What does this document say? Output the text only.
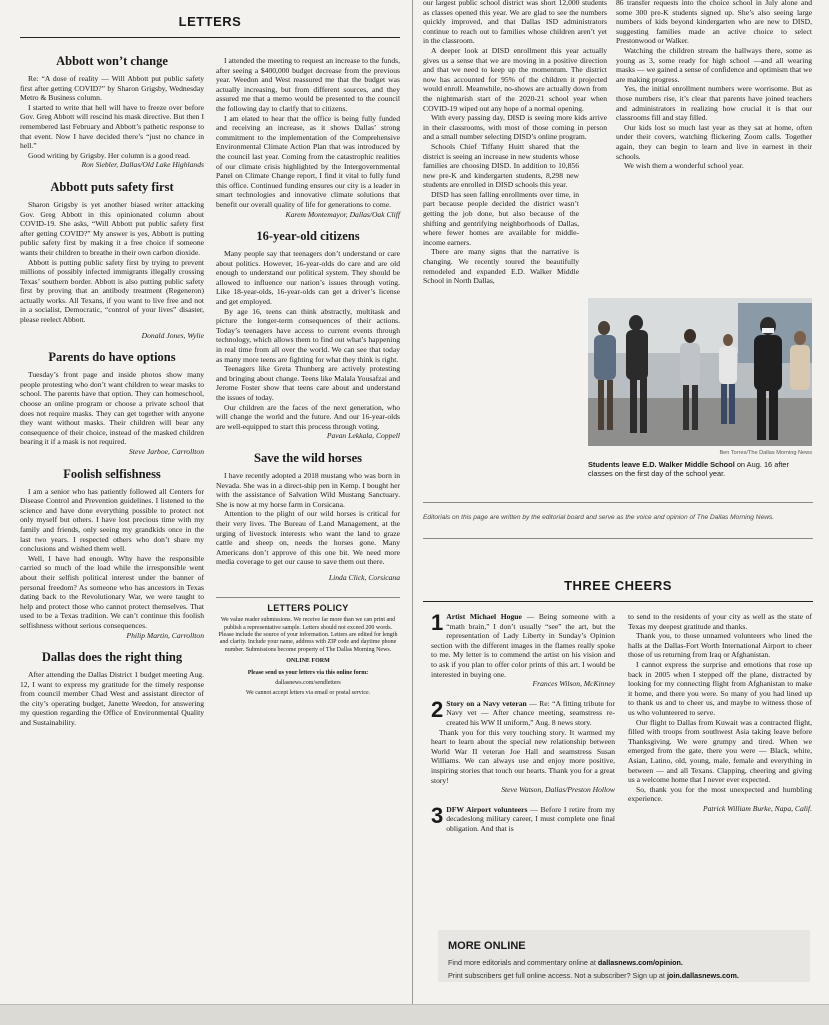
LETTERS
Abbott won’t change

Re: “A dose of reality — Will Abbott put public safety first after getting COVID?” by Sharon Grigsby, Wednesday Metro & Business column.

I started to write that hell will have to freeze over before Gov. Greg Abbott will rescind his mask directive. But then I remembered last February and Abbott’s pathetic response to that event. Now I have decided there’s “just no chance in hell.”

Good writing by Grigsby. Her column is a good read.

Ron Siebler, Dallas/Old Lake Highlands

Abbott puts safety first

Sharon Grigsby is yet another biased writer attacking Gov. Greg Abbott in this opinionated column about COVID-19. She asks, “Will Abbott put public safety first after getting COVID?” My answer is yes, Abbott is putting public safety first by making it a free choice if someone wants their children to breathe in their own carbon dioxide.

Abbott is putting public safety first by trying to prevent millions of possibly infected immigrants illegally crossing Texas’ southern border. Abbott is also putting public safety first by proving that an antibody treatment (Regeneron) actually works. All Texans, if you want to live free and not in a socialist, Democratic, “control of your lives” disaster, please reelect Abbott.

Donald Jones, Wylie

Parents do have options

Tuesday’s front page and inside photos show many people protesting who don’t want children to wear masks to school. The parents have that option. They can homeschool, choose an online program or choose a private school that does not require masks. They can get together with anyone they want without masks. Their children will bear any consequence of their choice, instead of the masked children bearing it if a mask is not required.

Steve Jarboe, Carrollton

Foolish selfishness

I am a senior who has patiently followed all Centers for Disease Control and Prevention guidelines. I listened to the science and have done everything possible to protect not only myself but others. I have lost precious time with my family and friends, only seeing my grandkids once in the last two years. I respected others who don’t share my conclusions and wished them well.

Well, I have had enough. Why have the responsible carried so much of the load while the irresponsible went about their selfish political interest under the banner of personal freedom? As someone who has ancestors in Texas dating back to the Revolutionary War, we were taught to help and protect those who cannot protect themselves. That used to be a Texas tradition. We can’t continue this foolish selfishness without serious consequences.

Philip Martin, Carrollton

Dallas does the right thing

After attending the Dallas District 1 budget meeting Aug. 12, I want to express my gratitude for the timely response from council member Chad West and assistant director of the city’s operating budget, Janette Weedon, for answering my question regarding the Office of Environmental Quality and Sustainability.

I attended the meeting to request an increase to the funds, after seeing a $400,000 budget decrease from the previous year. Weedon and West reassured me that the budget was actually increasing, but from different sources, and they assured me that a memo would be presented to the council the following day to clarify that to citizens.

I am elated to hear that the office is being fully funded and receiving an increase, as it shows Dallas’ strong commitment to the implementation of the Comprehensive Environmental Climate Action Plan that was introduced by the council last year. Coming from the catastrophic realities of our climate crisis highlighted by the Intergovernmental Panel on Climate Change report, I find it vital to fully fund this office. Continued funding ensures our city is a leader in smart technologies and innovative climate solutions that benefit our overall quality of life for generations to come.

Karem Montemayor, Dallas/Oak Cliff

16-year-old citizens

Many people say that teenagers don’t understand or care about politics. However, 16-year-olds do care and are old enough to understand our political system. They should be allowed to influence our nation’s issues through voting. Like 18-year-olds, 16-year-olds can get a driver’s license and get employed.

By age 16, teens can think abstractly, multitask and picture the longer-term consequences of their actions. Today’s teenagers have access to current events through technology, which allows them to find out what’s happening in real time from all over the world. We can see that today as many more teens are fighting for what they think is right.

Teenagers like Greta Thunberg are actively protesting and bringing about change. Teens like Malala Yousafzai and Jerome Foster show that teens care about and understand the issues of today.

Our children are the faces of the next generation, who will change the world and the future. And our 16-year-olds are well-equipped to start this process through voting.

Pavan Lekkala, Coppell

Save the wild horses

I have recently adopted a 2018 mustang who was born in Nevada. She was in a direct-ship pen in Kemp. I bought her with the assistance of Salvation Wild Mustang Sanctuary. She is now at my horse farm in Corsicana.

Attention to the plight of our wild horses is critical for their very lives. The Bureau of Land Management, at the urging of livestock interests who want the land to graze cattle and sheep on, needs the horses gone. Many Americans don’t approve of this one bit. We need more media coverage to get our cause to save them out there.

Linda Click, Corsicana

LETTERS POLICY

We value reader submissions. We receive far more than we can print and publish a representative sample. Letters should not exceed 200 words. Please include the source of your information. Letters are edited for length and clarity. Include your name, address with ZIP code and daytime phone number. Submissions become property of The Dallas Morning News.

ONLINE FORM

Please send us your letters via this online form:

dallasnews.com/sendletters

We cannot accept letters via email or postal service.

our largest public school district was short 12,000 students as classes opened this year. We are glad to see the numbers quickly improved, and that Dallas ISD administrators continue to reach out to families whose children aren’t yet in the classroom.

A deeper look at DISD enrollment this year actually gives us a sense that we are moving in a positive direction and that we need to keep up the momentum. The district now has accounted for 95% of the children it projected would enroll. Meanwhile, no-shows are actually down from the nightmarish start of the 2020-21 school year when COVID-19 wiped out any hope of a normal opening.

With every passing day, DISD is seeing more kids arrive in their classrooms, with most of those coming in person and a small number selecting DISD’s online program.

Schools Chief Tiffany Huitt shared that the district is seeing an increase in new students whose families are choosing DISD. In addition to 10,856 new pre-K and kindergarten students, 8,298 new students are enrolled in DISD schools this year.

DISD has seen falling enrollments over time, in part because people decided the district wasn’t getting the job done, but also because of the shifting and gentrifying neighborhoods of Dallas, where fewer homes are available for middle-income earners.

There are many signs that the narrative is changing. We recently toured the beautifully remodeled and expanded E.D. Walker Middle School in North Dallas,

86 transfer requests into the choice school in July alone and some 300 pre-K students signed up. She’s also seeing large numbers of kids beyond kindergarten who are new to DISD, suggesting families made an active choice to select Prestonwood or Walker.

Watching the children stream the hallways there, some as young as 3, some ready for high school —and all wearing masks — we gained a sense of confidence and optimism that we are making progress.

Yes, the initial enrollment numbers were worrisome. But as those numbers rise, it’s clear that parents have joined teachers and administrators in realizing how crucial it is that our classrooms fill and stay filled.

Our kids lost so much last year as they sat at home, often under their covers, watching flickering Zoom calls. Together again, they can begin to learn and live in earnest in their schools.

We wish them a wonderful school year.

Ben Torres/The Dallas Morning News
Students leave E.D. Walker Middle School on Aug. 16 after classes on the first day of the school year.
Editorials on this page are written by the editorial board and serve as the voice and opinion of The Dallas Morning News.
THREE CHEERS
1 Artist Michael Hogue — Being someone with a “math brain,” I don’t usually “see” the art, but the representation of Lady Liberty in Sunday’s Opinion section with the different images in the flames really spoke to me. My letter is to commend the artist on his vision and to ask if you plan to offer color prints of this art. I would be interested in buying one.

Frances Wilson, McKinney

2 Story on a Navy veteran — Re: “A fitting tribute for Navy vet — After chance meeting, seamstress re-created his WW II uniform,” Aug. 8 news story.

Thank you for this very touching story. It warmed my heart to learn about the special new relationship between World War II veteran Joe Hall and seamstress Susan Williams. We can always use and enjoy more positive, inspiring stories that touch our hearts. Thank you for a great story!

Steve Watson, Dallas/Preston Hollow

3 DFW Airport volunteers — Before I retire from my decadeslong military career, I must complete one final obligation. And that is

to send to the residents of your city as well as the state of Texas my deepest gratitude and thanks.

Thank you, to those unnamed volunteers who lined the halls at the Dallas-Fort Worth International Airport to cheer those of us returning from Iraq or Afghanistan.

I cannot express the surprise and emotions that rose up back in 2005 when I stepped off the plane, distracted by looking for my connecting flight from Afghanistan to make it home, and there you were. So many of you had lined up to thank us and to cheer us, and maybe to witness those of us who volunteered to serve.

Our flight to Dallas from Kuwait was a contracted flight, filled with troops from southwest Asia taking leave before Thanksgiving. We were grumpy and tired. When we emerged from the gate, there you were — Black, white, Asian, Latino, old, young, male, female and everything in between — and all Texans. Clapping, cheering and giving us a welcome home that I never ever expected.

So, thank you for the most unexpected and humbling experience.

Patrick William Burke, Napa, Calif.

MORE ONLINE
Find more editorials and commentary online at dallasnews.com/opinion.
Print subscribers get full online access. Not a subscriber? Sign up at join.dallasnews.com.
